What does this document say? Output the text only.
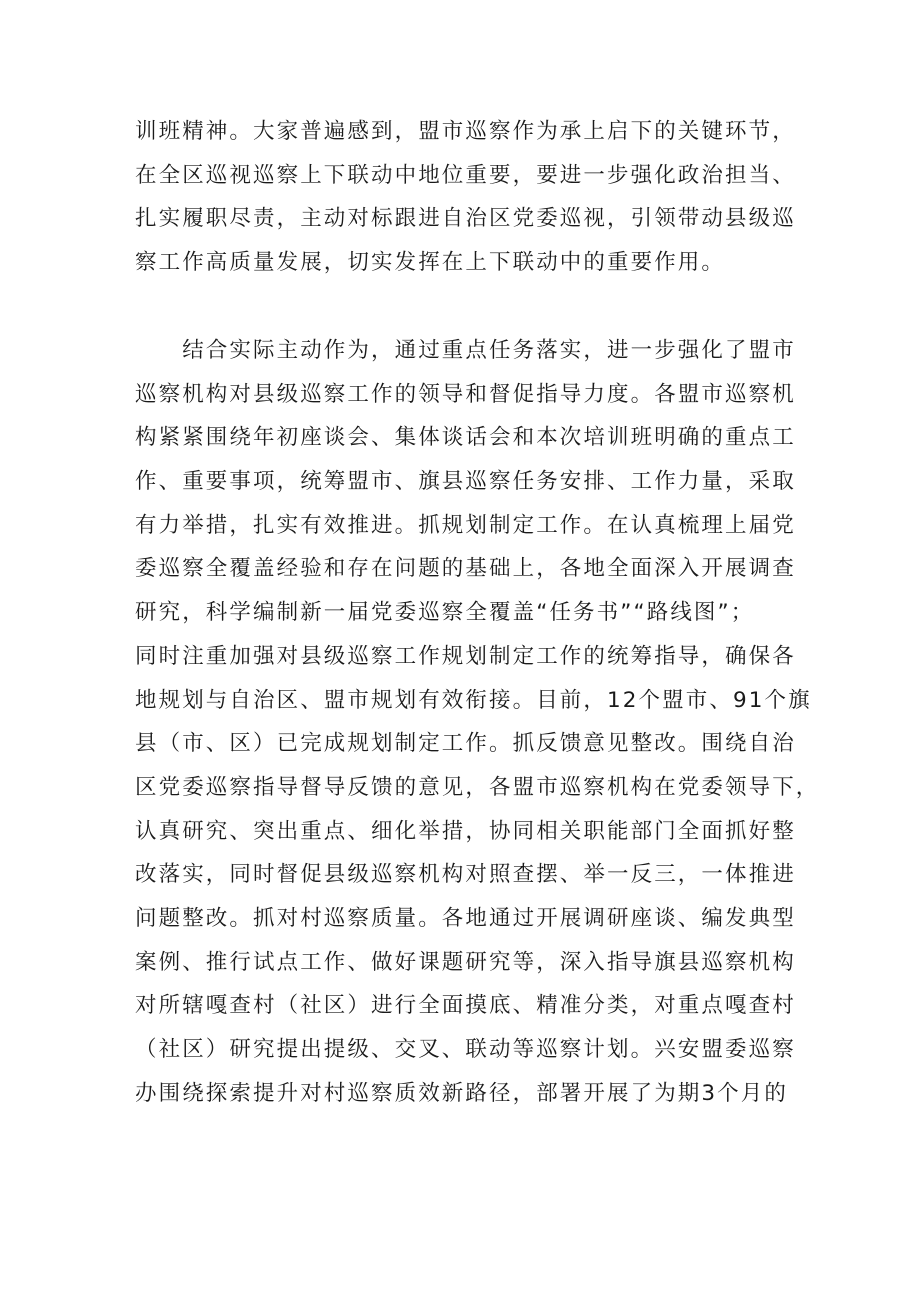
训班精神。大家普遍感到，盟市巡察作为承上启下的关键环节，
在全区巡视巡察上下联动中地位重要，要进一步强化政治担当、
扎实履职尽责，主动对标跟进自治区党委巡视，引领带动县级巡
察工作高质量发展，切实发挥在上下联动中的重要作用。
　　结合实际主动作为，通过重点任务落实，进一步强化了盟市
巡察机构对县级巡察工作的领导和督促指导力度。各盟市巡察机
构紧紧围绕年初座谈会、集体谈话会和本次培训班明确的重点工
作、重要事项，统筹盟市、旗县巡察任务安排、工作力量，采取
有力举措，扎实有效推进。抓规划制定工作。在认真梳理上届党
委巡察全覆盖经验和存在问题的基础上，各地全面深入开展调查
研究，科学编制新一届党委巡察全覆盖“任务书”“路线图”；
同时注重加强对县级巡察工作规划制定工作的统筹指导，确保各
地规划与自治区、盟市规划有效衔接。目前，12个盟市、91个旗
县（市、区）已完成规划制定工作。抓反馈意见整改。围绕自治
区党委巡察指导督导反馈的意见，各盟市巡察机构在党委领导下，
认真研究、突出重点、细化举措，协同相关职能部门全面抓好整
改落实，同时督促县级巡察机构对照查摆、举一反三，一体推进
问题整改。抓对村巡察质量。各地通过开展调研座谈、编发典型
案例、推行试点工作、做好课题研究等，深入指导旗县巡察机构
对所辖嘎查村（社区）进行全面摸底、精准分类，对重点嘎查村
（社区）研究提出提级、交叉、联动等巡察计划。兴安盟委巡察
办围绕探索提升对村巡察质效新路径，部署开展了为期3个月的
